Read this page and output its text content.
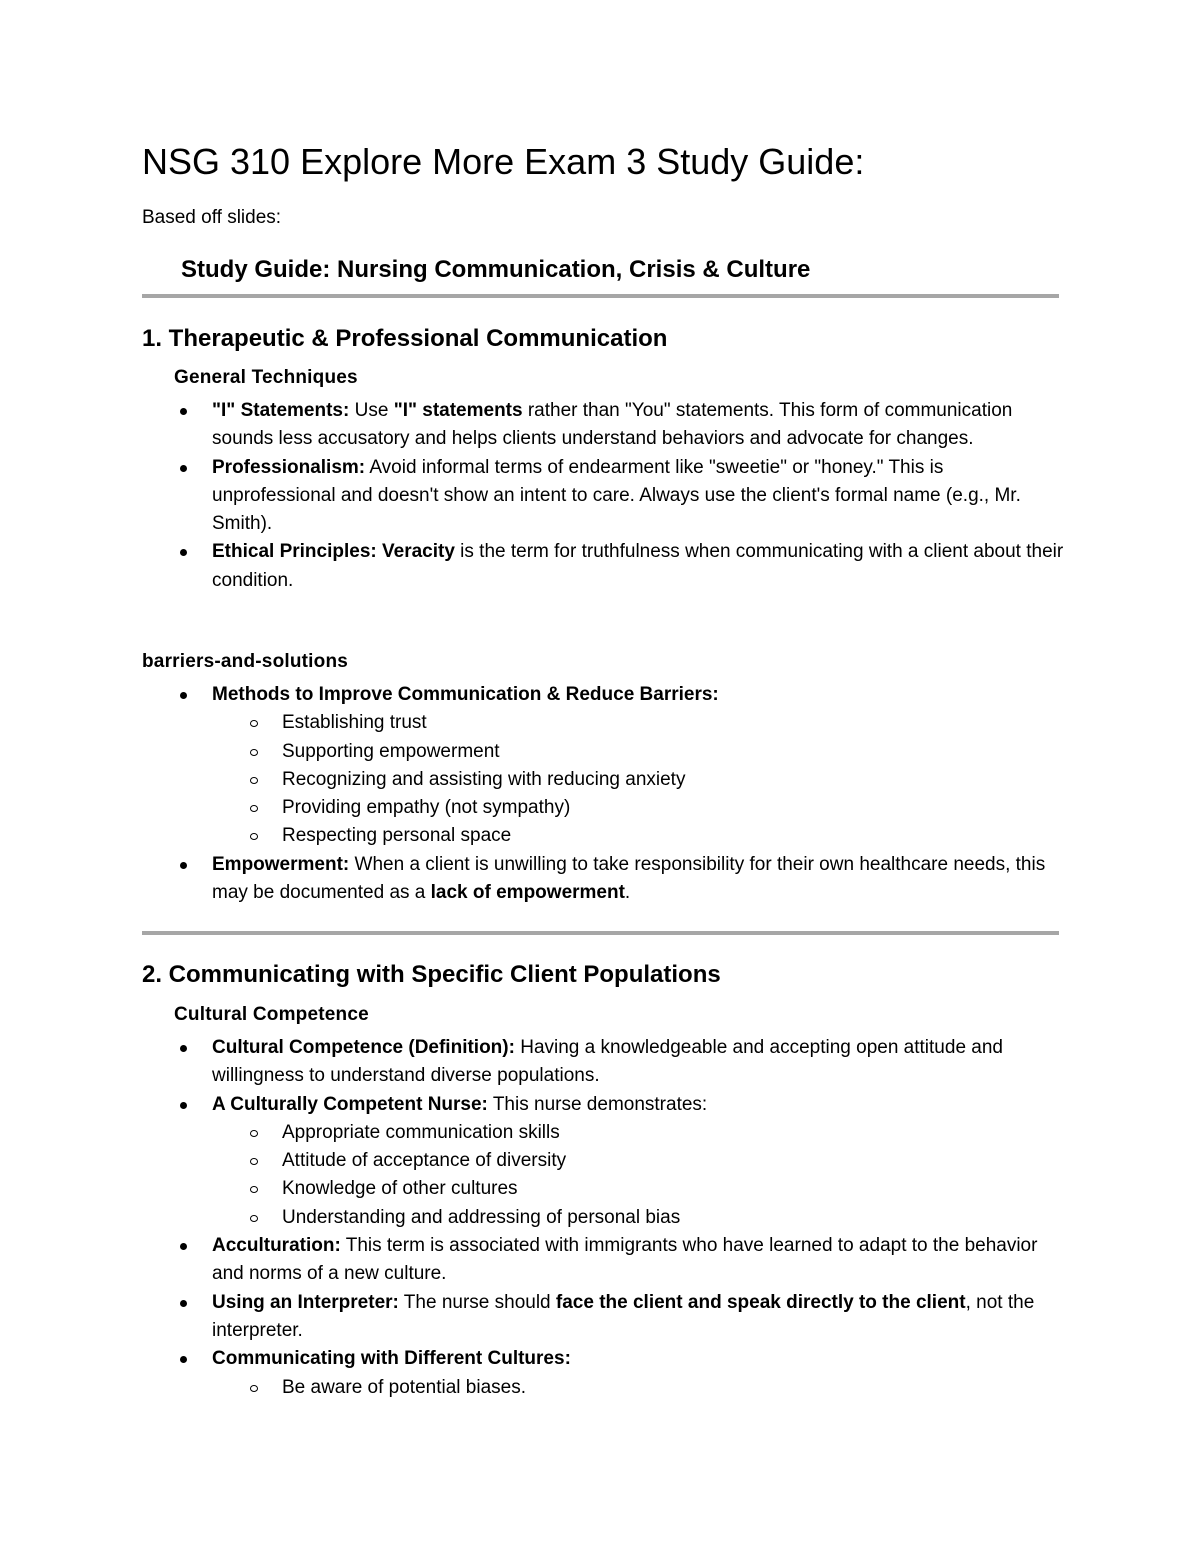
NSG 310 Explore More Exam 3 Study Guide:
Based off slides:
Study Guide: Nursing Communication, Crisis & Culture
1. Therapeutic & Professional Communication
General Techniques
"I" Statements: Use "I" statements rather than "You" statements. This form of communication sounds less accusatory and helps clients understand behaviors and advocate for changes.
Professionalism: Avoid informal terms of endearment like "sweetie" or "honey." This is unprofessional and doesn't show an intent to care. Always use the client's formal name (e.g., Mr. Smith).
Ethical Principles: Veracity is the term for truthfulness when communicating with a client about their condition.
barriers-and-solutions
Methods to Improve Communication & Reduce Barriers:
Establishing trust
Supporting empowerment
Recognizing and assisting with reducing anxiety
Providing empathy (not sympathy)
Respecting personal space
Empowerment: When a client is unwilling to take responsibility for their own healthcare needs, this may be documented as a lack of empowerment.
2. Communicating with Specific Client Populations
Cultural Competence
Cultural Competence (Definition): Having a knowledgeable and accepting open attitude and willingness to understand diverse populations.
A Culturally Competent Nurse: This nurse demonstrates:
Appropriate communication skills
Attitude of acceptance of diversity
Knowledge of other cultures
Understanding and addressing of personal bias
Acculturation: This term is associated with immigrants who have learned to adapt to the behavior and norms of a new culture.
Using an Interpreter: The nurse should face the client and speak directly to the client, not the interpreter.
Communicating with Different Cultures:
Be aware of potential biases.
